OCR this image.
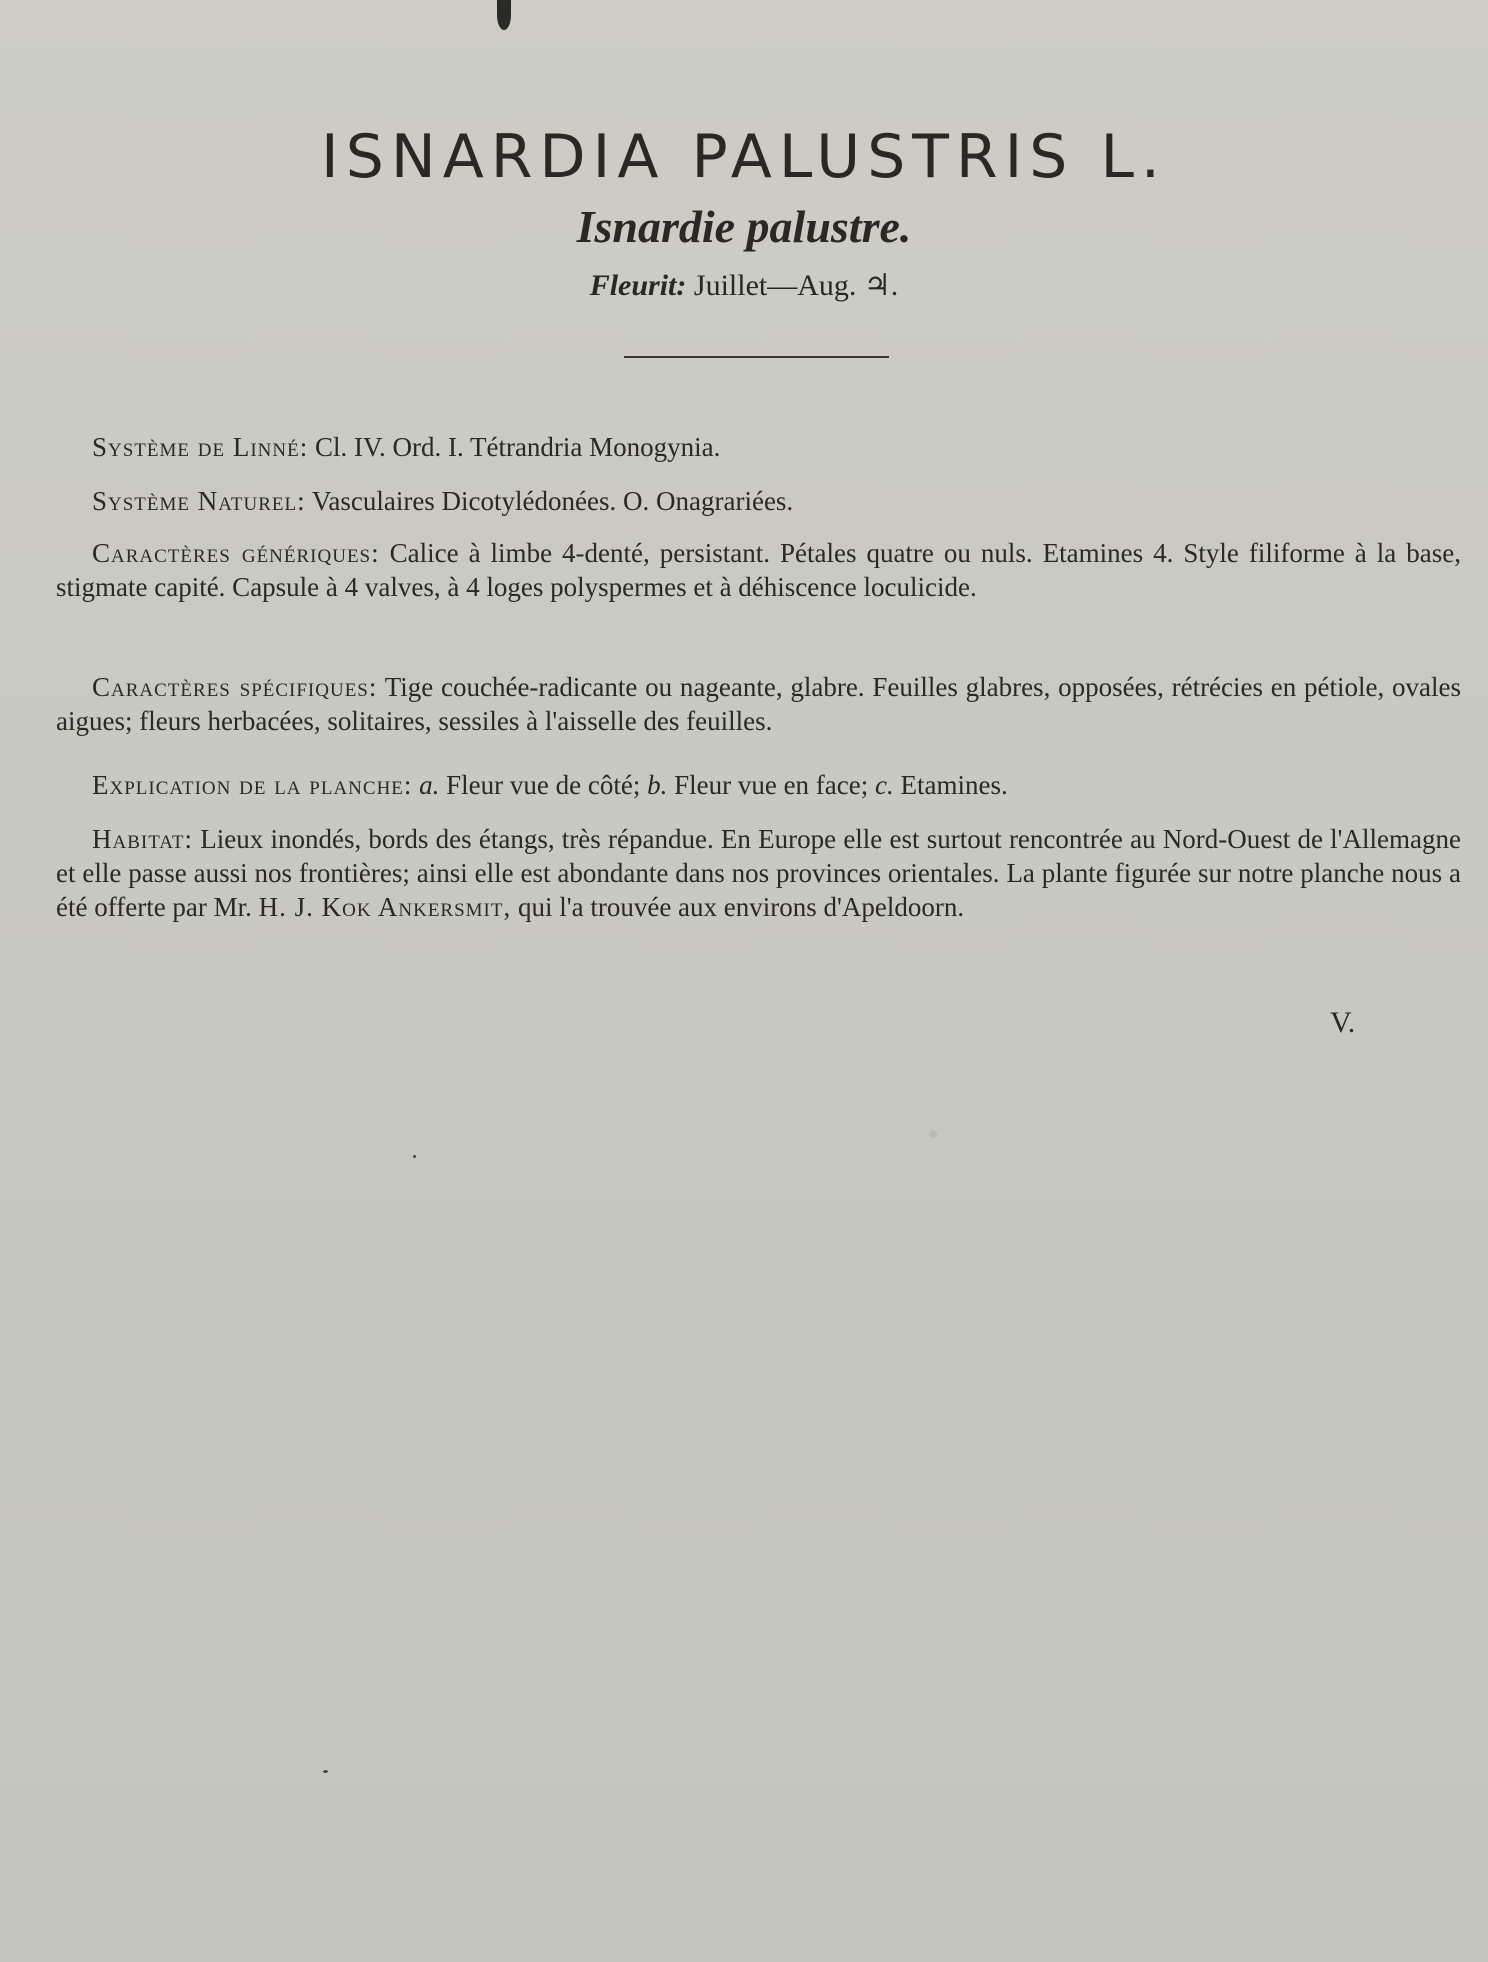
ISNARDIA PALUSTRIS L.
Isnardie palustre.
Fleurit: Juillet—Aug. ♃.
Système de Linné: Cl. IV. Ord. I. Tétrandria Monogynia.
Système Naturel: Vasculaires Dicotylédonées. O. Onagrariées.
Caractères génériques: Calice à limbe 4-denté, persistant. Pétales quatre ou nuls. Etamines 4. Style filiforme à la base, stigmate capité. Capsule à 4 valves, à 4 loges polyspermes et à déhiscence loculicide.
Caractères spécifiques: Tige couchée-radicante ou nageante, glabre. Feuilles glabres, opposées, rétrécies en pétiole, ovales aigues; fleurs herbacées, solitaires, sessiles à l'aisselle des feuilles.
Explication de la planche: a. Fleur vue de côté; b. Fleur vue en face; c. Etamines.
Habitat: Lieux inondés, bords des étangs, très répandue. En Europe elle est surtout rencontrée au Nord-Ouest de l'Allemagne et elle passe aussi nos frontières; ainsi elle est abondante dans nos provinces orientales. La plante figurée sur notre planche nous a été offerte par Mr. H. J. Kok Ankersmit, qui l'a trouvée aux environs d'Apeldoorn.
V.
